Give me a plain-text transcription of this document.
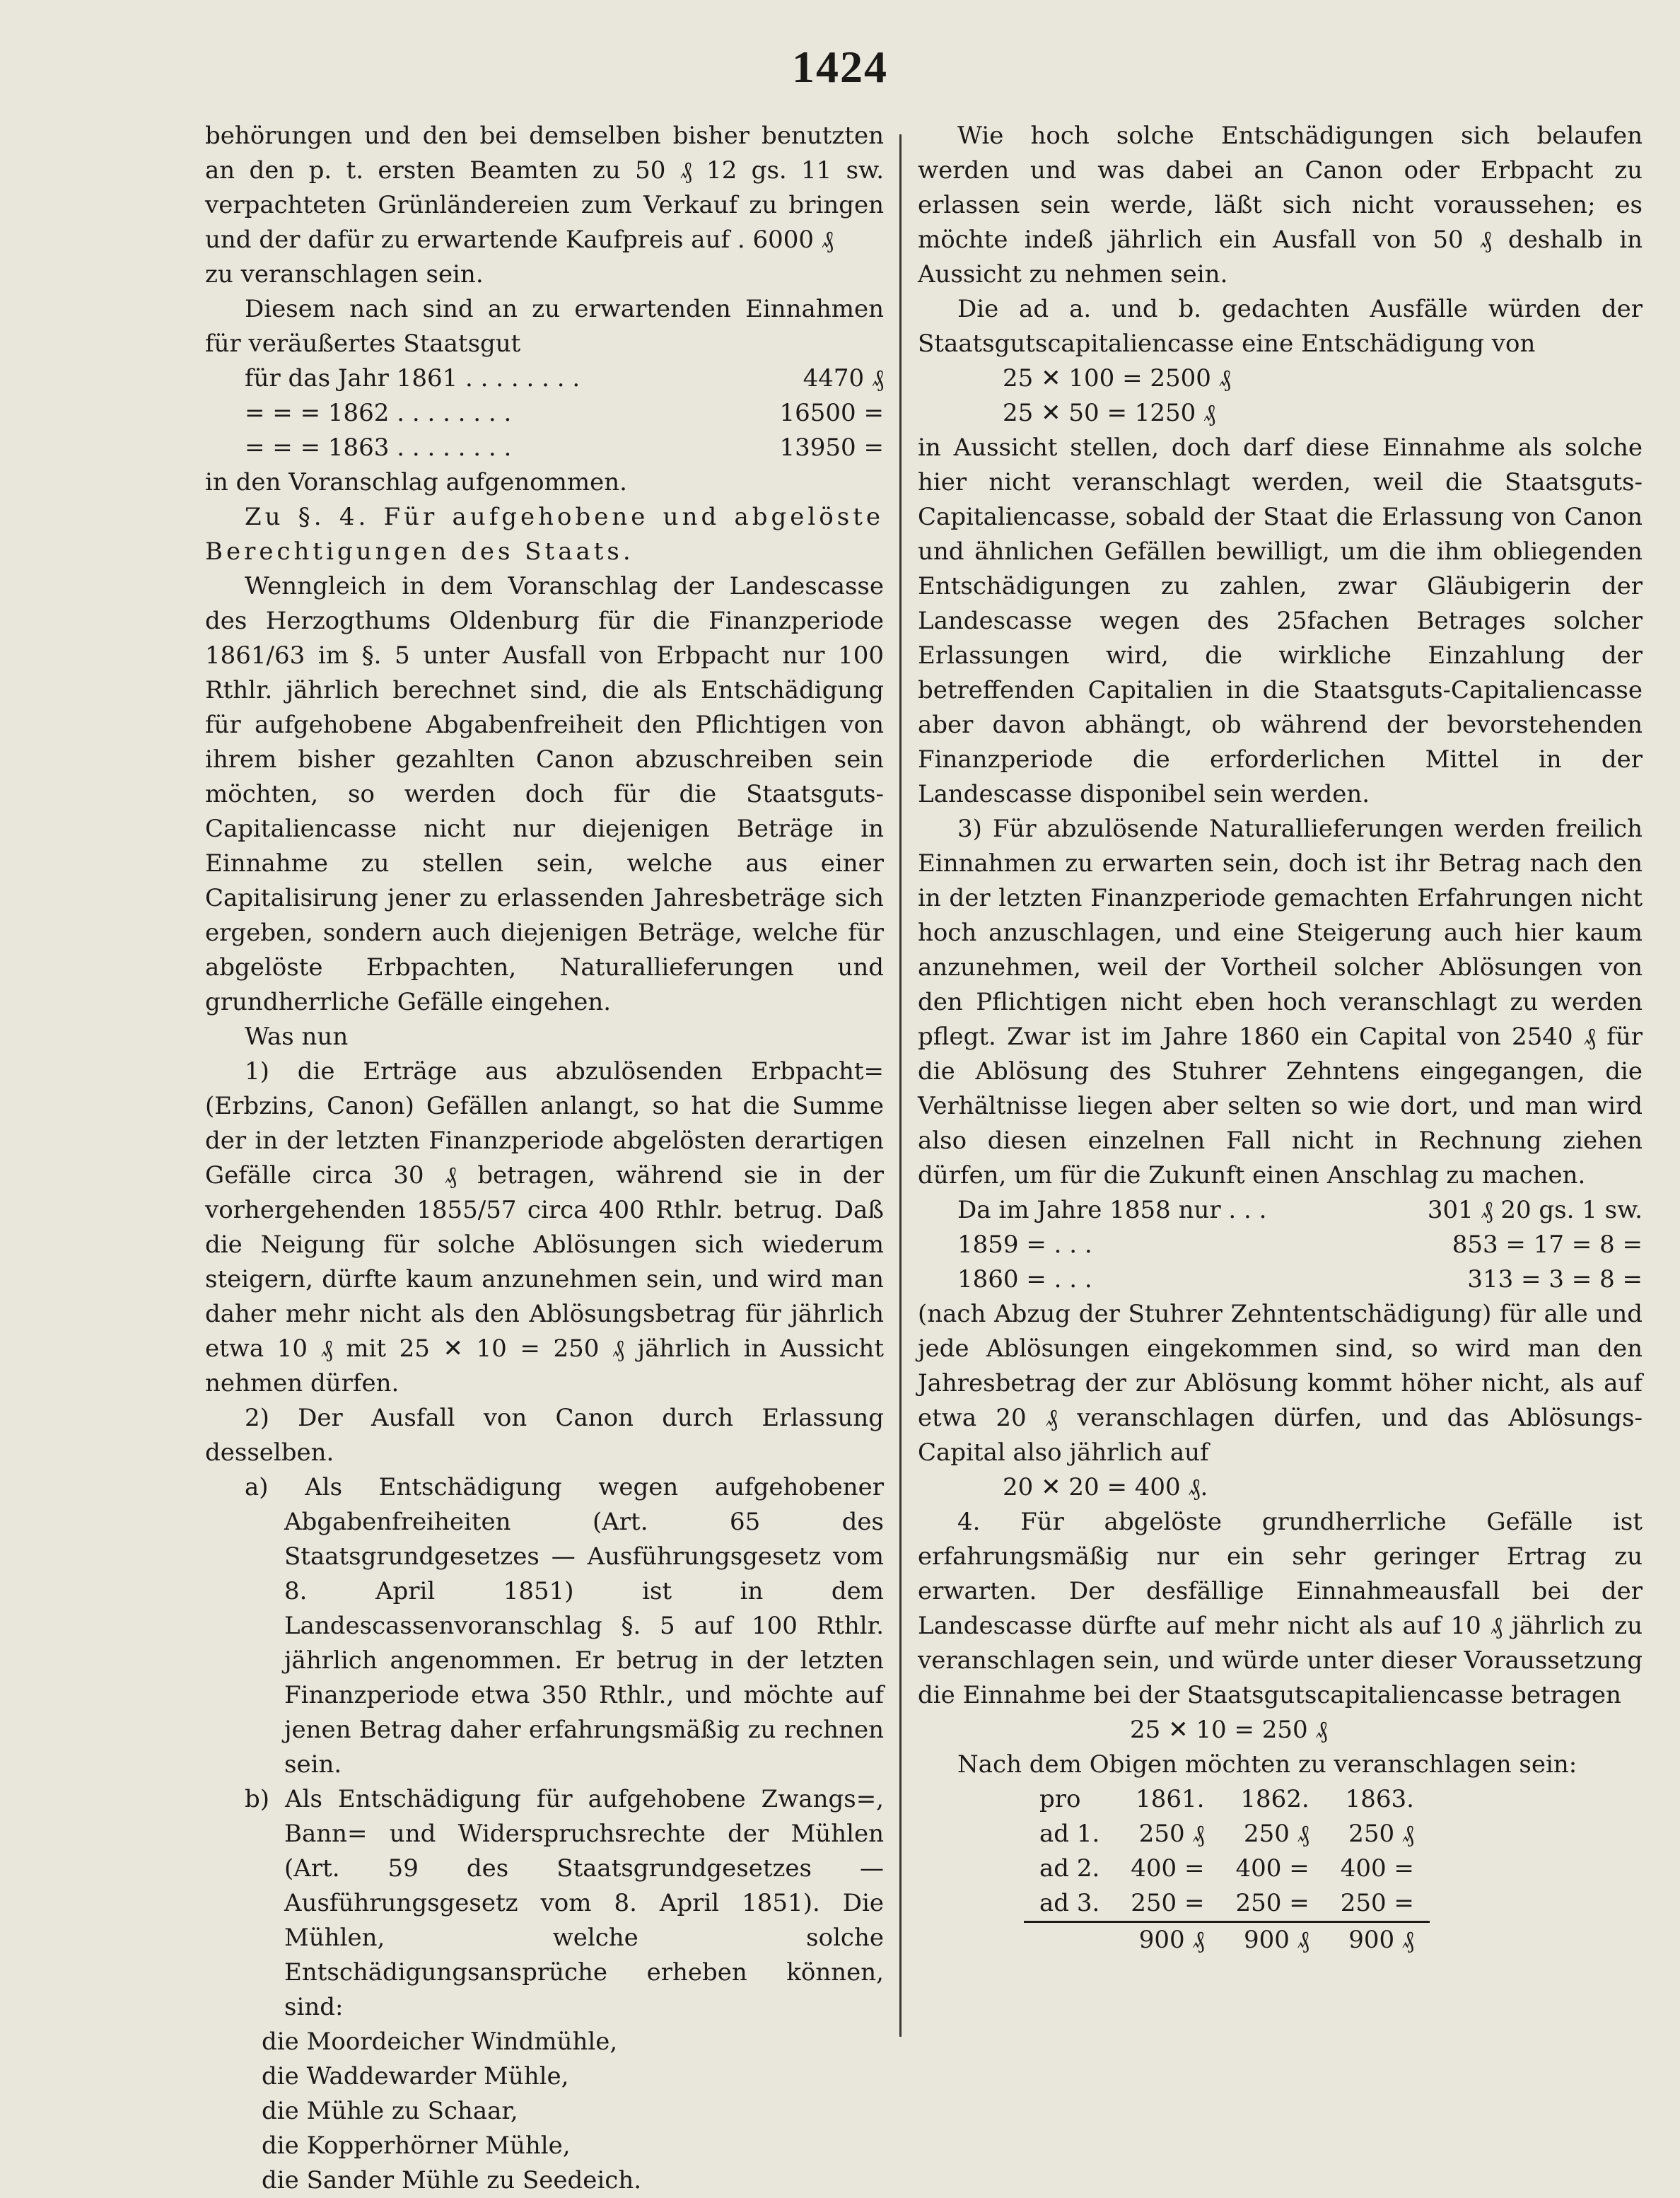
1424

behörungen und den bei demselben bisher benutzten an den p. t. ersten Beamten zu 50 ₰ 12 gs. 11 sw. verpachteten Grünländereien zum Verkauf zu bringen und der dafür zu erwartende Kaufpreis auf . 6000 ₰

zu veranschlagen sein.

Diesem nach sind an zu erwartenden Einnahmen für veräußertes Staatsgut

für das Jahr 1861 . . . . . . . .	4470 ₰
= = = 1862 . . . . . . . .	16500 =
= = = 1863 . . . . . . . .	13950 =

in den Voranschlag aufgenommen.

Zu §. 4. Für aufgehobene und abgelöste Berechtigungen des Staats.

Wenngleich in dem Voranschlag der Landescasse des Herzogthums Oldenburg für die Finanzperiode 1861/63 im §. 5 unter Ausfall von Erbpacht nur 100 Rthlr. jährlich berechnet sind, die als Entschädigung für aufgehobene Abgabenfreiheit den Pflichtigen von ihrem bisher gezahlten Canon abzuschreiben sein möchten, so werden doch für die Staatsguts-Capitaliencasse nicht nur diejenigen Beträge in Einnahme zu stellen sein, welche aus einer Capitalisirung jener zu erlassenden Jahresbeträge sich ergeben, sondern auch diejenigen Beträge, welche für abgelöste Erbpachten, Naturallieferungen und grundherrliche Gefälle eingehen.

Was nun

1) die Erträge aus abzulösenden Erbpacht= (Erbzins, Canon) Gefällen anlangt, so hat die Summe der in der letzten Finanzperiode abgelösten derartigen Gefälle circa 30 ₰ betragen, während sie in der vorhergehenden 1855/57 circa 400 Rthlr. betrug. Daß die Neigung für solche Ablösungen sich wiederum steigern, dürfte kaum anzunehmen sein, und wird man daher mehr nicht als den Ablösungsbetrag für jährlich etwa 10 ₰ mit 25 ✕ 10 = 250 ₰ jährlich in Aussicht nehmen dürfen.

2) Der Ausfall von Canon durch Erlassung desselben.

a) Als Entschädigung wegen aufgehobener Abgabenfreiheiten (Art. 65 des Staatsgrundgesetzes — Ausführungsgesetz vom 8. April 1851) ist in dem Landescassenvoranschlag §. 5 auf 100 Rthlr. jährlich angenommen. Er betrug in der letzten Finanzperiode etwa 350 Rthlr., und möchte auf jenen Betrag daher erfahrungsmäßig zu rechnen sein.

b) Als Entschädigung für aufgehobene Zwangs=, Bann= und Widerspruchsrechte der Mühlen (Art. 59 des Staatsgrundgesetzes — Ausführungsgesetz vom 8. April 1851). Die Mühlen, welche solche Entschädigungsansprüche erheben können, sind:

die Moordeicher Windmühle,
die Waddewarder Mühle,
die Mühle zu Schaar,
die Kopperhörner Mühle,
die Sander Mühle zu Seedeich.

Wie hoch solche Entschädigungen sich belaufen werden und was dabei an Canon oder Erbpacht zu erlassen sein werde, läßt sich nicht voraussehen; es möchte indeß jährlich ein Ausfall von 50 ₰ deshalb in Aussicht zu nehmen sein.

Die ad a. und b. gedachten Ausfälle würden der Staatsgutscapitaliencasse eine Entschädigung von

25 ✕ 100 = 2500 ₰
25 ✕ 50 = 1250 ₰

in Aussicht stellen, doch darf diese Einnahme als solche hier nicht veranschlagt werden, weil die Staatsguts-Capitaliencasse, sobald der Staat die Erlassung von Canon und ähnlichen Gefällen bewilligt, um die ihm obliegenden Entschädigungen zu zahlen, zwar Gläubigerin der Landescasse wegen des 25fachen Betrages solcher Erlassungen wird, die wirkliche Einzahlung der betreffenden Capitalien in die Staatsguts-Capitaliencasse aber davon abhängt, ob während der bevorstehenden Finanzperiode die erforderlichen Mittel in der Landescasse disponibel sein werden.

3) Für abzulösende Naturallieferungen werden freilich Einnahmen zu erwarten sein, doch ist ihr Betrag nach den in der letzten Finanzperiode gemachten Erfahrungen nicht hoch anzuschlagen, und eine Steigerung auch hier kaum anzunehmen, weil der Vortheil solcher Ablösungen von den Pflichtigen nicht eben hoch veranschlagt zu werden pflegt. Zwar ist im Jahre 1860 ein Capital von 2540 ₰ für die Ablösung des Stuhrer Zehntens eingegangen, die Verhältnisse liegen aber selten so wie dort, und man wird also diesen einzelnen Fall nicht in Rechnung ziehen dürfen, um für die Zukunft einen Anschlag zu machen.

Da im Jahre 1858 nur . . .	301 ₰ 20 gs. 1 sw.
1859 = . . .	853 = 17 = 8 =
1860 = . . .	313 = 3 = 8 =

(nach Abzug der Stuhrer Zehntentschädigung) für alle und jede Ablösungen eingekommen sind, so wird man den Jahresbetrag der zur Ablösung kommt höher nicht, als auf etwa 20 ₰ veranschlagen dürfen, und das Ablösungs-Capital also jährlich auf

20 ✕ 20 = 400 ₰.

4. Für abgelöste grundherrliche Gefälle ist erfahrungsmäßig nur ein sehr geringer Ertrag zu erwarten. Der desfällige Einnahmeausfall bei der Landescasse dürfte auf mehr nicht als auf 10 ₰ jährlich zu veranschlagen sein, und würde unter dieser Voraussetzung die Einnahme bei der Staatsgutscapitaliencasse betragen

25 ✕ 10 = 250 ₰

Nach dem Obigen möchten zu veranschlagen sein:

pro	1861.	1862.	1863.
ad 1.	250 ₰	250 ₰	250 ₰
ad 2.	400 =	400 =	400 =
ad 3.	250 =	250 =	250 =
	900 ₰	900 ₰	900 ₰
